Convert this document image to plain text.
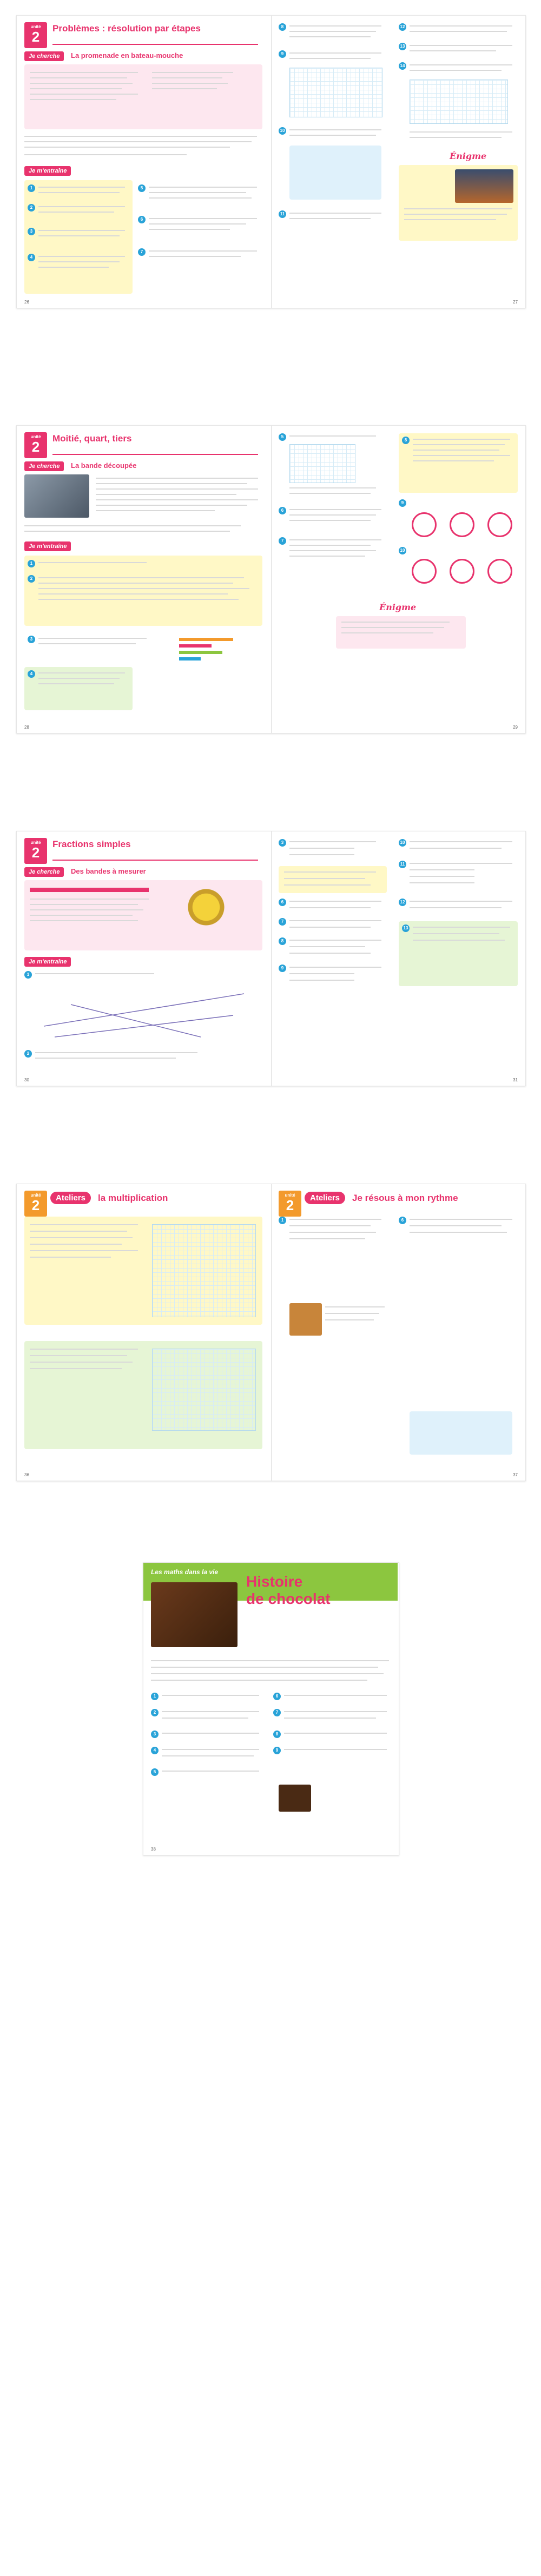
unité
2
Problèmes : résolution par étapes
Je cherche	La promenade en bateau-mouche
Je m'entraîne
1
2
3
4
5
6
7
26
8
9
10
11
12
13
14
Énigme
27
unité
2
Moitié, quart, tiers
Je cherche	La bande découpée
Je m'entraîne
1
2
3
4
28
5
6
7
8
9
10
Énigme
29
unité
2
Fractions simples
Je cherche	Des bandes à mesurer
Je m'entraîne
1
2
30
3
6
7
8
9
10
11
12
13
31
unité
2	Ateliers	la multiplication
36
unité
2	Ateliers	Je résous à mon rythme
1	6
37
Les maths dans la vie
Histoire
de chocolat
1
2
3
4
5
6
7
8
9
38
